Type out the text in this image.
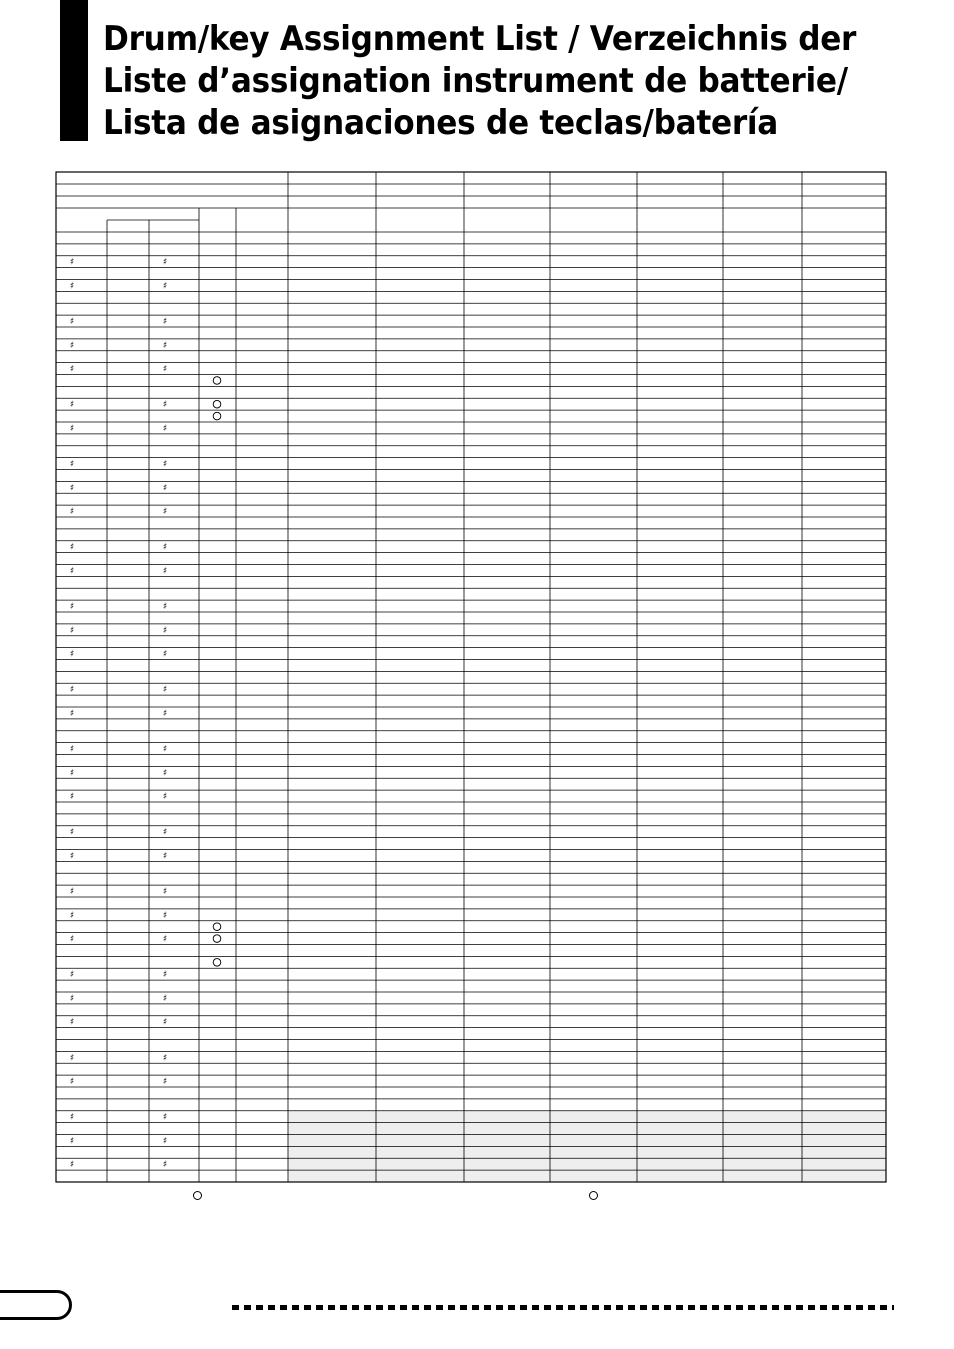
Drum/key Assignment List / Verzeichnis der
Liste d’assignation instrument de batterie/
Lista de asignaciones de teclas/batería
♯
♯
♯
♯
♯
♯
♯
♯
♯
♯
♯
♯
♯
♯
♯
♯
♯
♯
♯
♯
♯
♯
♯
♯
♯
♯
♯
♯
♯
♯
♯
♯
♯
♯
♯
♯
♯
♯
♯
♯
♯
♯
♯
♯
♯
♯
♯
♯
♯
♯
♯
♯
♯
♯
♯
♯
♯
♯
♯
♯
♯
♯
♯
♯
♯
♯
